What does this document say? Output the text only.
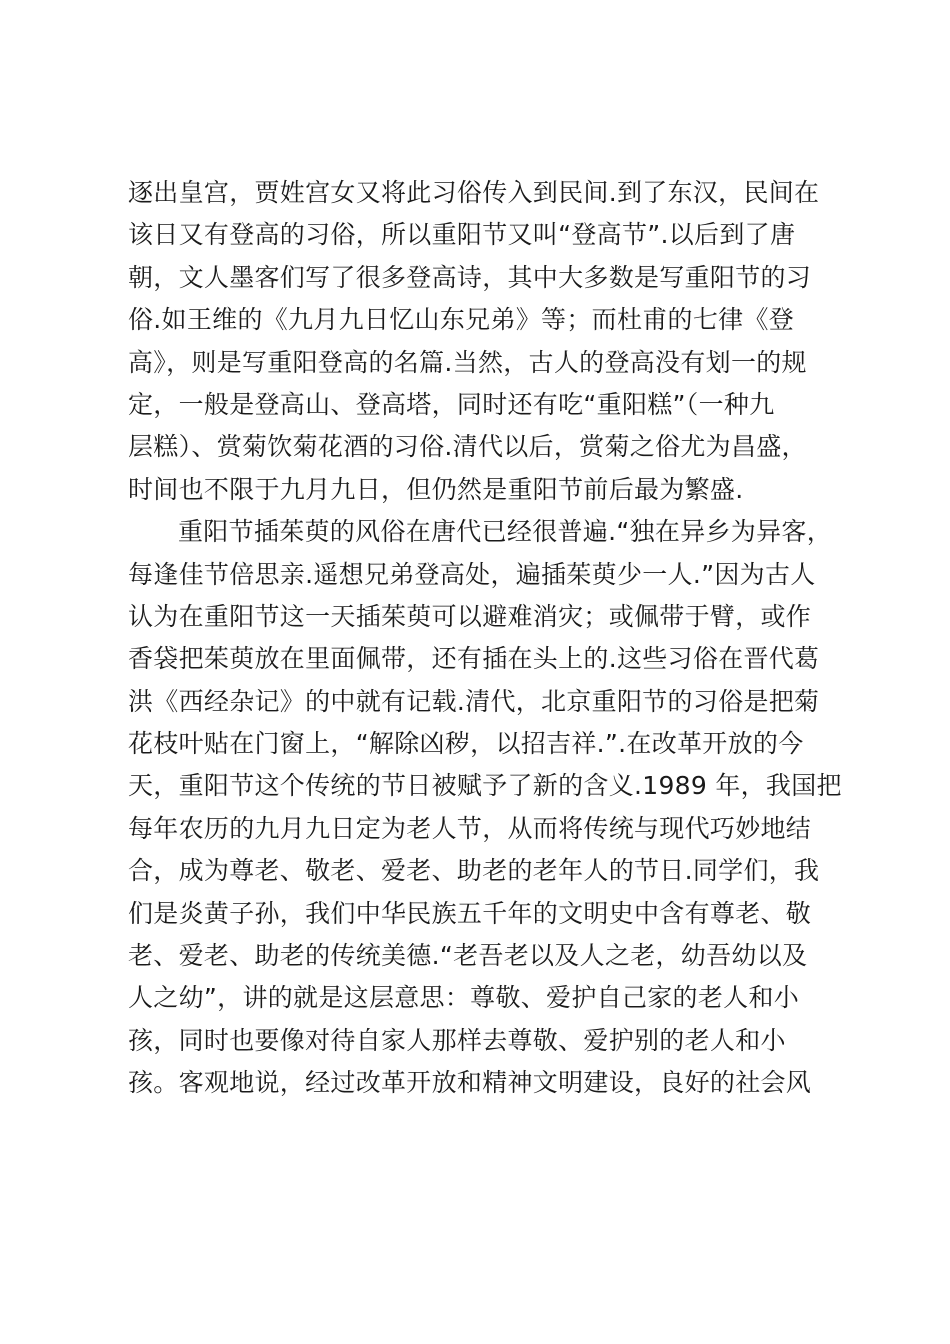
逐出皇宫，贾姓宫女又将此习俗传入到民间.到了东汉，民间在
该日又有登高的习俗，所以重阳节又叫“登高节”.以后到了唐
朝，文人墨客们写了很多登高诗，其中大多数是写重阳节的习
俗.如王维的《九月九日忆山东兄弟》等；而杜甫的七律《登
高》，则是写重阳登高的名篇.当然，古人的登高没有划一的规
定，一般是登高山、登高塔，同时还有吃“重阳糕”（一种九
层糕）、赏菊饮菊花酒的习俗.清代以后，赏菊之俗尤为昌盛，
时间也不限于九月九日，但仍然是重阳节前后最为繁盛.
重阳节插茱萸的风俗在唐代已经很普遍.“独在异乡为异客，
每逢佳节倍思亲.遥想兄弟登高处，遍插茱萸少一人.”因为古人
认为在重阳节这一天插茱萸可以避难消灾；或佩带于臂，或作
香袋把茱萸放在里面佩带，还有插在头上的.这些习俗在晋代葛
洪《西经杂记》的中就有记载.清代，北京重阳节的习俗是把菊
花枝叶贴在门窗上，“解除凶秽，以招吉祥.”.在改革开放的今
天，重阳节这个传统的节日被赋予了新的含义.1989 年，我国把
每年农历的九月九日定为老人节，从而将传统与现代巧妙地结
合，成为尊老、敬老、爱老、助老的老年人的节日.同学们，我
们是炎黄子孙，我们中华民族五千年的文明史中含有尊老、敬
老、爱老、助老的传统美德.“老吾老以及人之老，幼吾幼以及
人之幼”，讲的就是这层意思：尊敬、爱护自己家的老人和小
孩，同时也要像对待自家人那样去尊敬、爱护别的老人和小
孩。客观地说，经过改革开放和精神文明建设，良好的社会风
